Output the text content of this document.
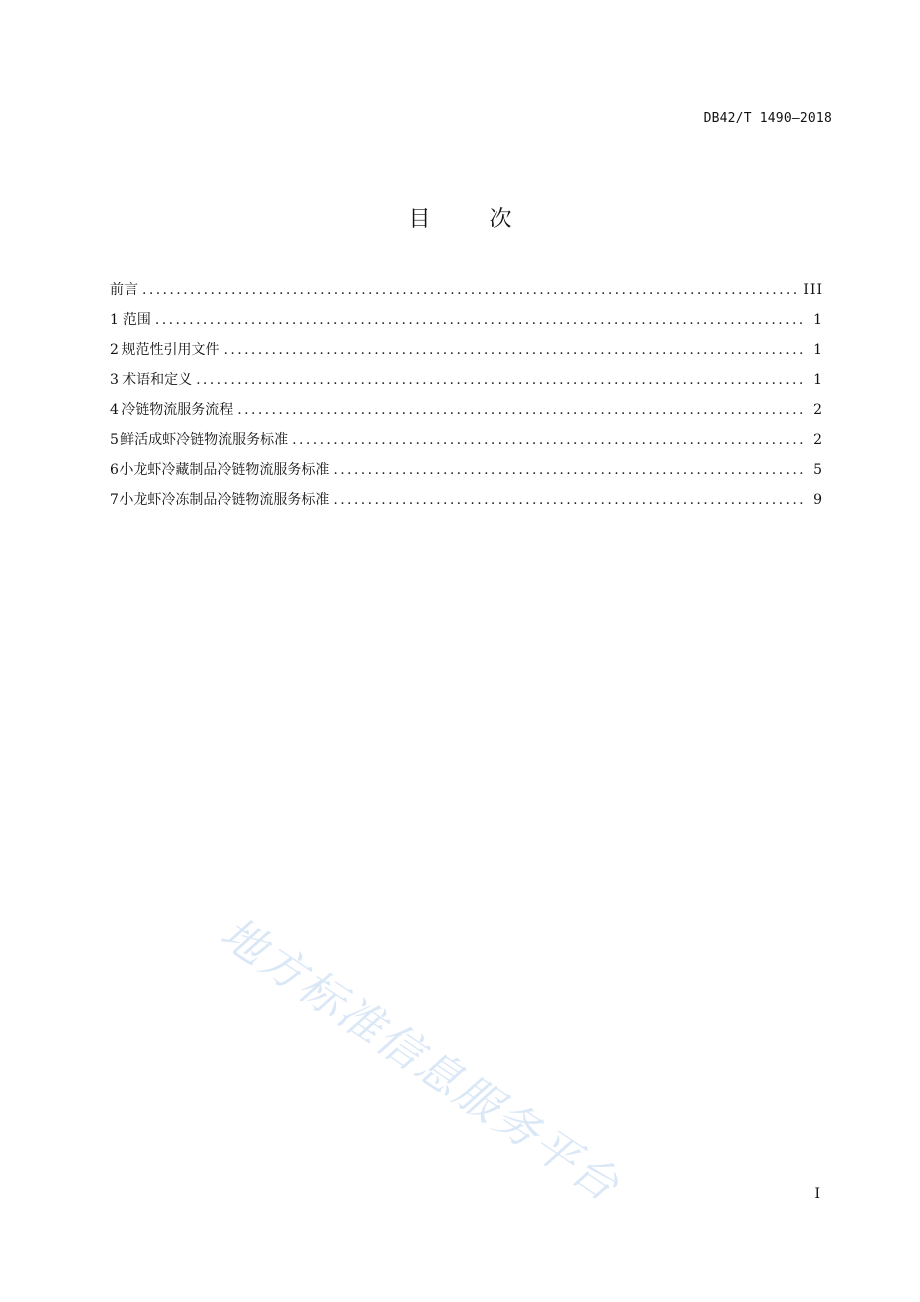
DB42/T 1490—2018
目 次
前言 .....	III
1 范围 .....	1
2 规范性引用文件 .....	1
3 术语和定义 .....	1
4 冷链物流服务流程 .....	2
5 鲜活成虾冷链物流服务标准 .....	2
6 小龙虾冷藏制品冷链物流服务标准 .....	5
7 小龙虾冷冻制品冷链物流服务标准 .....	9
地方标准信息服务平台	I
